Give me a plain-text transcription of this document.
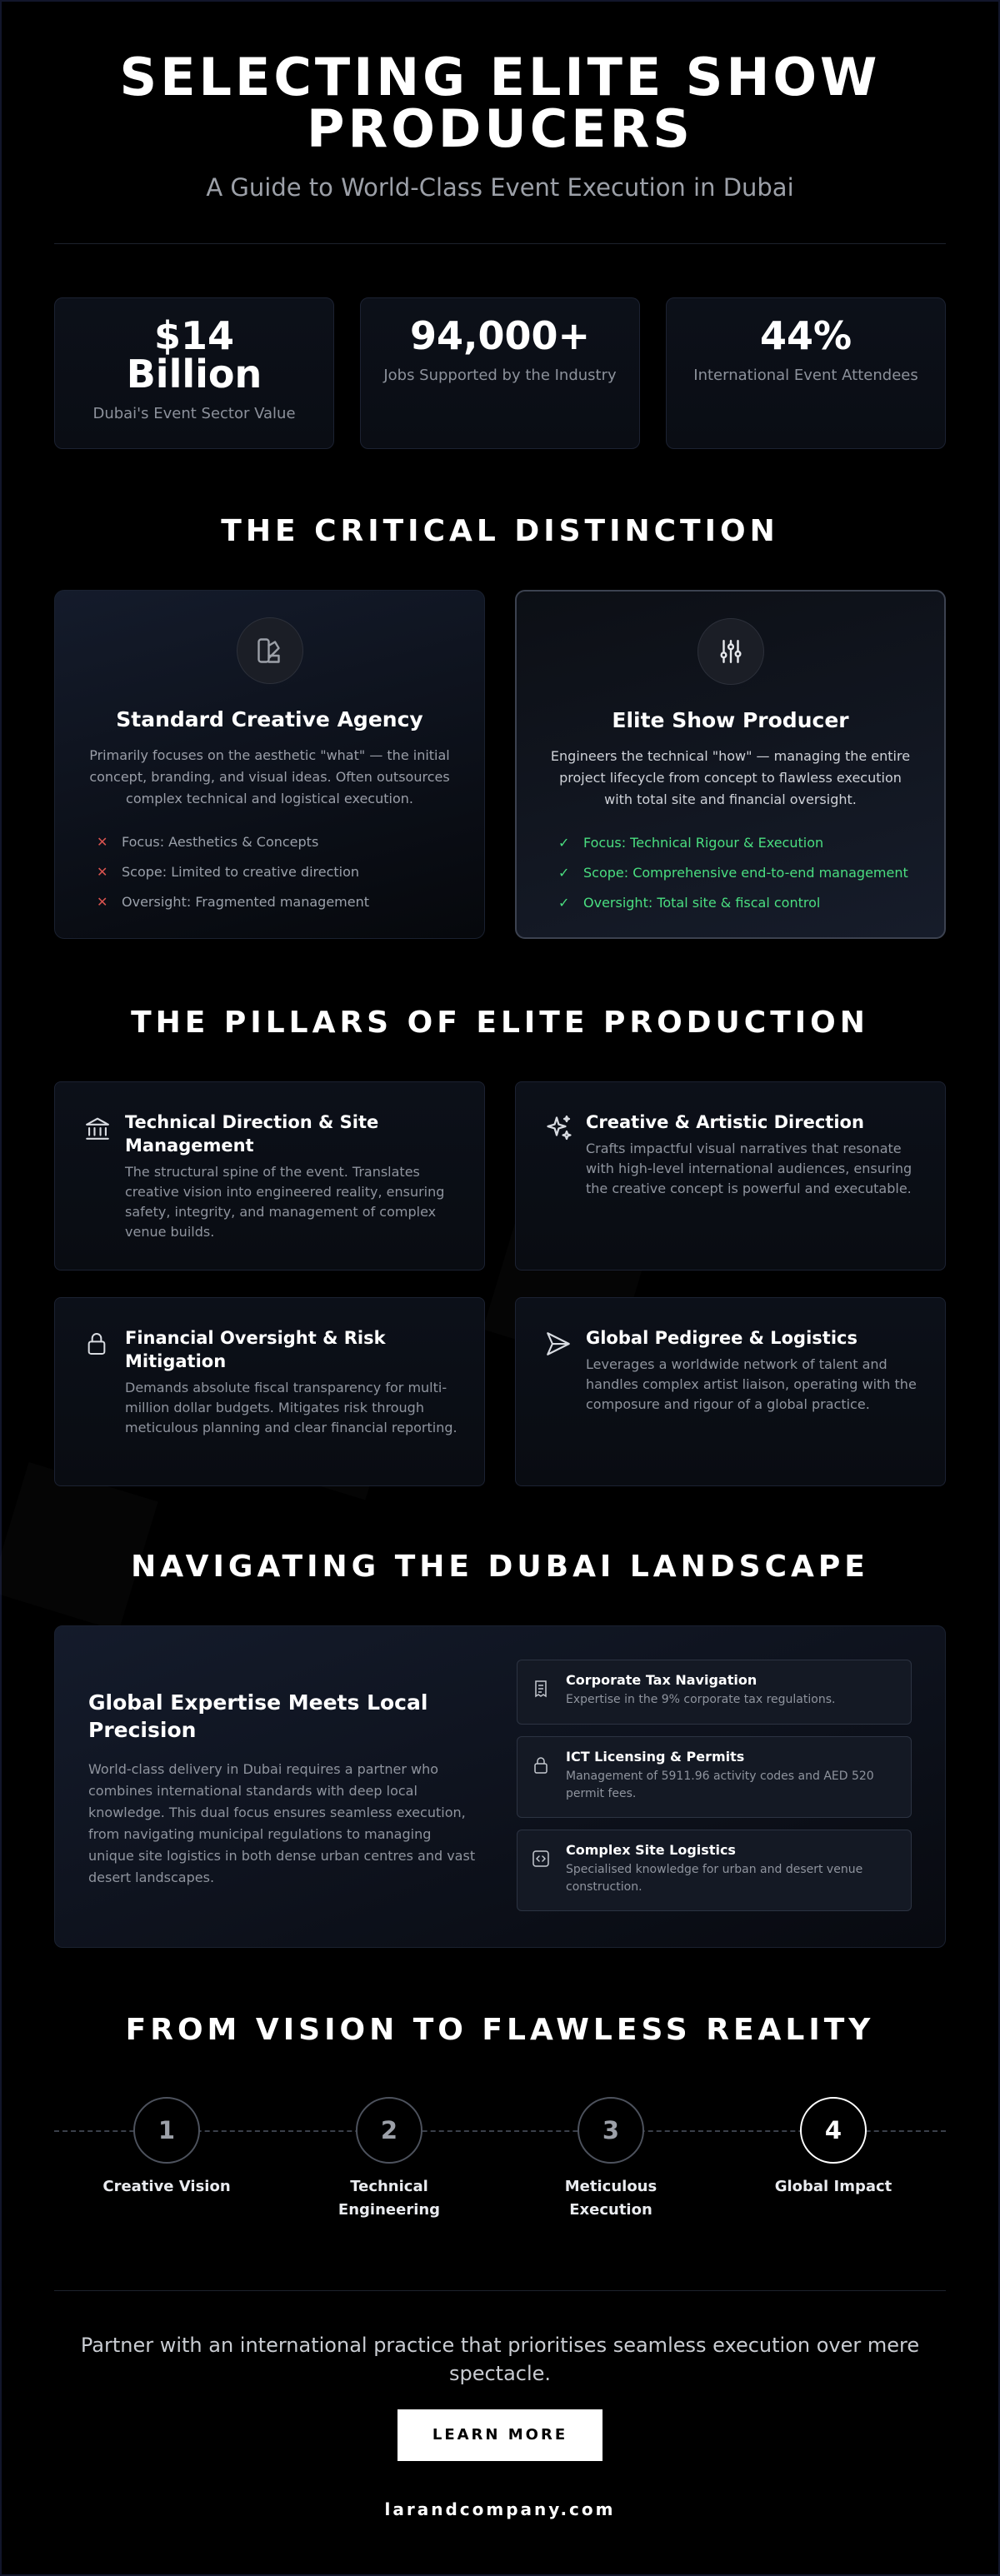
SELECTING ELITE SHOW PRODUCERS

A Guide to World-Class Event Execution in Dubai

$14 Billion
Dubai's Event Sector Value
94,000+
Jobs Supported by the Industry
44%
International Event Attendees
THE CRITICAL DISTINCTION
Standard Creative Agency

Primarily focuses on the aesthetic "what" — the initial concept, branding, and visual ideas. Often outsources complex technical and logistical execution.

✕	Focus: Aesthetics & Concepts
✕	Scope: Limited to creative direction
✕	Oversight: Fragmented management
Elite Show Producer

Engineers the technical "how" — managing the entire project lifecycle from concept to flawless execution with total site and financial oversight.

✓	Focus: Technical Rigour & Execution
✓	Scope: Comprehensive end-to-end management
✓	Oversight: Total site & fiscal control
THE PILLARS OF ELITE PRODUCTION
Technical Direction & Site Management

The structural spine of the event. Translates creative vision into engineered reality, ensuring safety, integrity, and management of complex venue builds.

Creative & Artistic Direction

Crafts impactful visual narratives that resonate with high-level international audiences, ensuring the creative concept is powerful and executable.

Financial Oversight & Risk Mitigation

Demands absolute fiscal transparency for multi-million dollar budgets. Mitigates risk through meticulous planning and clear financial reporting.

Global Pedigree & Logistics

Leverages a worldwide network of talent and handles complex artist liaison, operating with the composure and rigour of a global practice.

NAVIGATING THE DUBAI LANDSCAPE
Global Expertise Meets Local Precision

World-class delivery in Dubai requires a partner who combines international standards with deep local knowledge. This dual focus ensures seamless execution, from navigating municipal regulations to managing unique site logistics in both dense urban centres and vast desert landscapes.

Corporate Tax Navigation
Expertise in the 9% corporate tax regulations.
ICT Licensing & Permits
Management of 5911.96 activity codes and AED 520 permit fees.
Complex Site Logistics
Specialised knowledge for urban and desert venue construction.
FROM VISION TO FLAWLESS REALITY
1
Creative Vision
2
Technical Engineering
3
Meticulous Execution
4
Global Impact

Partner with an international practice that prioritises seamless execution over mere spectacle.

LEARN MORE
larandcompany.com
